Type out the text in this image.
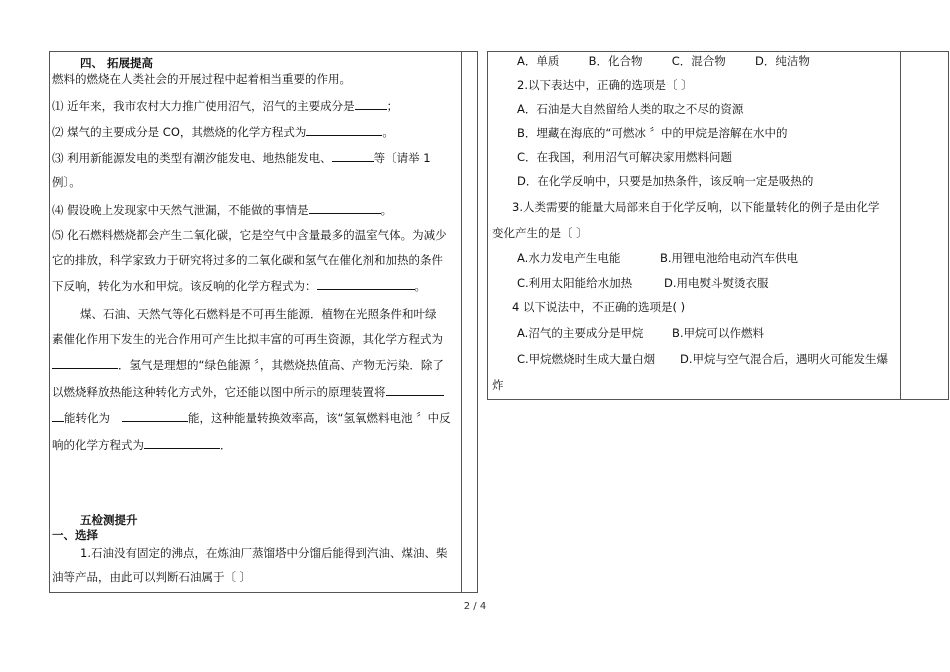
四、 拓展提高
燃料的燃烧在人类社会的开展过程中起着相当重要的作用。
⑴ 近年来，我市农村大力推广使用沼气，沼气的主要成分是	；
⑵ 煤气的主要成分是 CO，其燃烧的化学方程式为	。
⑶ 利用新能源发电的类型有潮汐能发电、地热能发电、	等〔请举 1
例〕。
⑷ 假设晚上发现家中天然气泄漏，不能做的事情是	。
⑸ 化石燃料燃烧都会产生二氧化碳，它是空气中含量最多的温室气体。为减少
它的排放，科学家致力于研究将过多的二氧化碳和氢气在催化剂和加热的条件
下反响，转化为水和甲烷。该反响的化学方程式为：	。
煤、石油、天然气等化石燃料是不可再生能源．植物在光照条件和叶绿
素催化作用下发生的光合作用可产生比拟丰富的可再生资源，其化学方程式为
．氢气是理想的“绿色能源 〞，其燃烧热值高、产物无污染．除了
以燃烧释放热能这种转化方式外，它还能以图中所示的原理装置将
能转化为	能，这种能量转换效率高，该“氢氧燃料电池 〞中反
响的化学方程式为	．
五检测提升
一、选择
1.石油没有固定的沸点，在炼油厂蒸馏塔中分馏后能得到汽油、煤油、柴
油等产品，由此可以判断石油属于〔 〕
A．单质        B．化合物        C．混合物        D．纯洁物
2.以下表达中，正确的选项是〔 〕
A．石油是大自然留给人类的取之不尽的资源
B．埋藏在海底的“可燃冰 〞中的甲烷是溶解在水中的
C．在我国，利用沼气可解决家用燃料问题
D．在化学反响中，只要是加热条件，该反响一定是吸热的
3.人类需要的能量大局部来自于化学反响，以下能量转化的例子是由化学
变化产生的是〔 〕
A.水力发电产生电能	B.用锂电池给电动汽车供电
C.利用太阳能给水加热	D.用电熨斗熨烫衣服
4 以下说法中，不正确的选项是( )
A.沼气的主要成分是甲烷 B.甲烷可以作燃料
C.甲烷燃烧时生成大量白烟 D.甲烷与空气混合后，遇明火可能发生爆
炸
2 / 4
